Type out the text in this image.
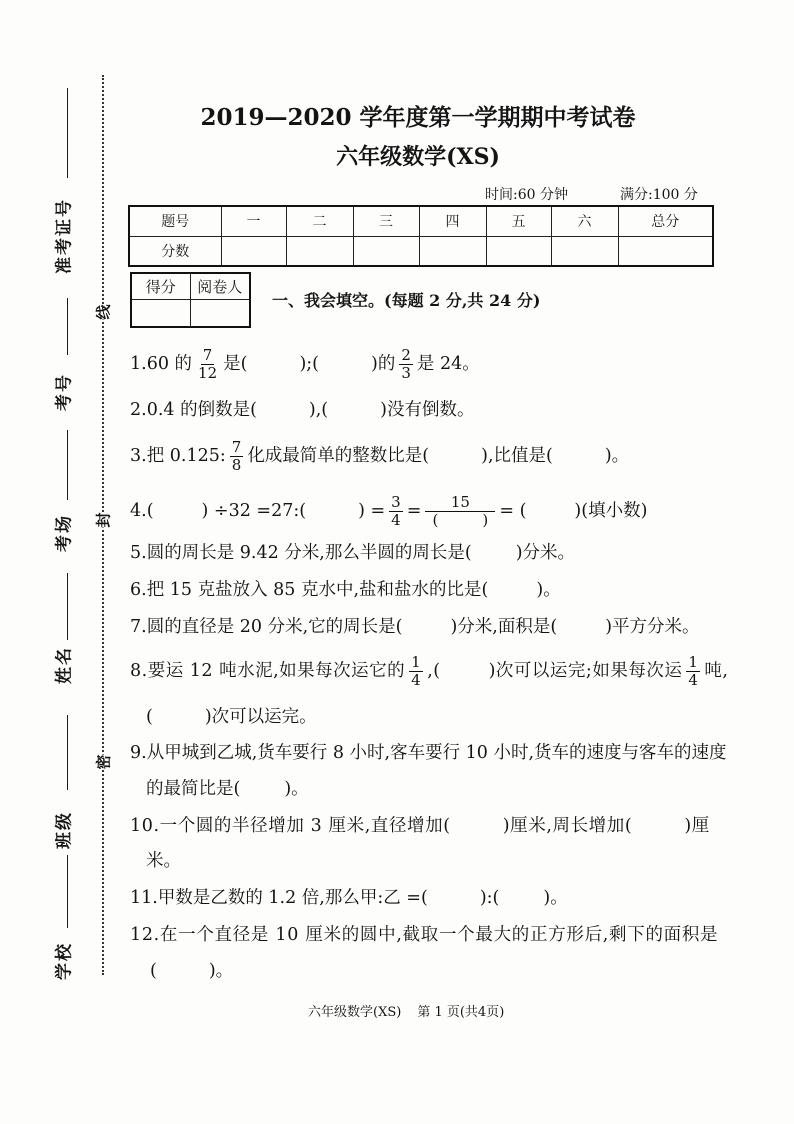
准考证号
考号
考场
姓名
班级
学校
线
封
密
2019—2020 学年度第一学期期中考试卷
六年级数学(XS)
时间:60 分钟	满分:100 分
题号	一	二	三	四	五	六	总分
分数							
得分	阅卷人

一、我会填空。(每题 2 分,共 24 分)
1.60 的 $\frac{7}{12}$ 是(	);(	)的 $\frac{2}{3}$ 是 24。
2.0.4 的倒数是(	),(	)没有倒数。
3.把 0.125: $\frac{7}{8}$ 化成最简单的整数比是(	),比值是(	)。
4.(	) ÷32 =27:(	) = $\frac{3}{4} = 15$
(	) = (	)(填小数)
5.圆的周长是 9.42 分米,那么半圆的周长是(	)分米。
6.把 15 克盐放入 85 克水中,盐和盐水的比是(	)。
7.圆的直径是 20 分米,它的周长是(	)分米,面积是(	)平方分米。
8.要运 12 吨水泥,如果每次运它的 $\frac{1}{4}$ ,(	)次可以运完;如果每次运 $\frac{1}{4}$ 吨,
(	)次可以运完。
9.从甲城到乙城,货车要行 8 小时,客车要行 10 小时,货车的速度与客车的速度
的最简比是(	)。
10.一个圆的半径增加 3 厘米,直径增加(	)厘米,周长增加(	)厘
米。
11.甲数是乙数的 1.2 倍,那么甲:乙 =(	):(	)。
12.在一个直径是 10 厘米的圆中,截取一个最大的正方形后,剩下的面积是
(	)。
六年级数学(XS) 第 1 页(共4页)
